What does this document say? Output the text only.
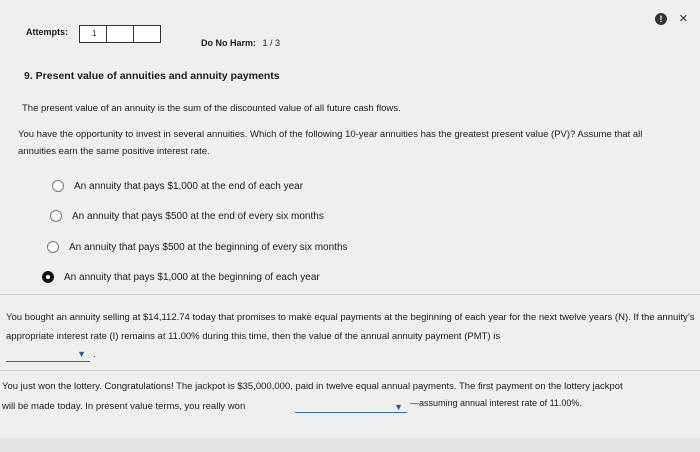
Attempts:	1
Do No Harm: 1 / 3
!	×
9. Present value of annuities and annuity payments
The present value of an annuity is the sum of the discounted value of all future cash flows.
You have the opportunity to invest in several annuities. Which of the following 10-year annuities has the greatest present value (PV)? Assume that all annuities earn the same positive interest rate.
An annuity that pays $1,000 at the end of each year
An annuity that pays $500 at the end of every six months
An annuity that pays $500 at the beginning of every six months
An annuity that pays $1,000 at the beginning of each year
You bought an annuity selling at $14,112.74 today that promises to make equal payments at the beginning of each year for the next twelve years (N). If the annuity’s appropriate interest rate (I) remains at 11.00% during this time, then the value of the annual annuity payment (PMT) is
▼ .
You just won the lottery. Congratulations! The jackpot is $35,000,000, paid in twelve equal annual payments. The first payment on the lottery jackpot
will be made today. In present value terms, you really won	▼ —assuming annual interest rate of 11.00%.
